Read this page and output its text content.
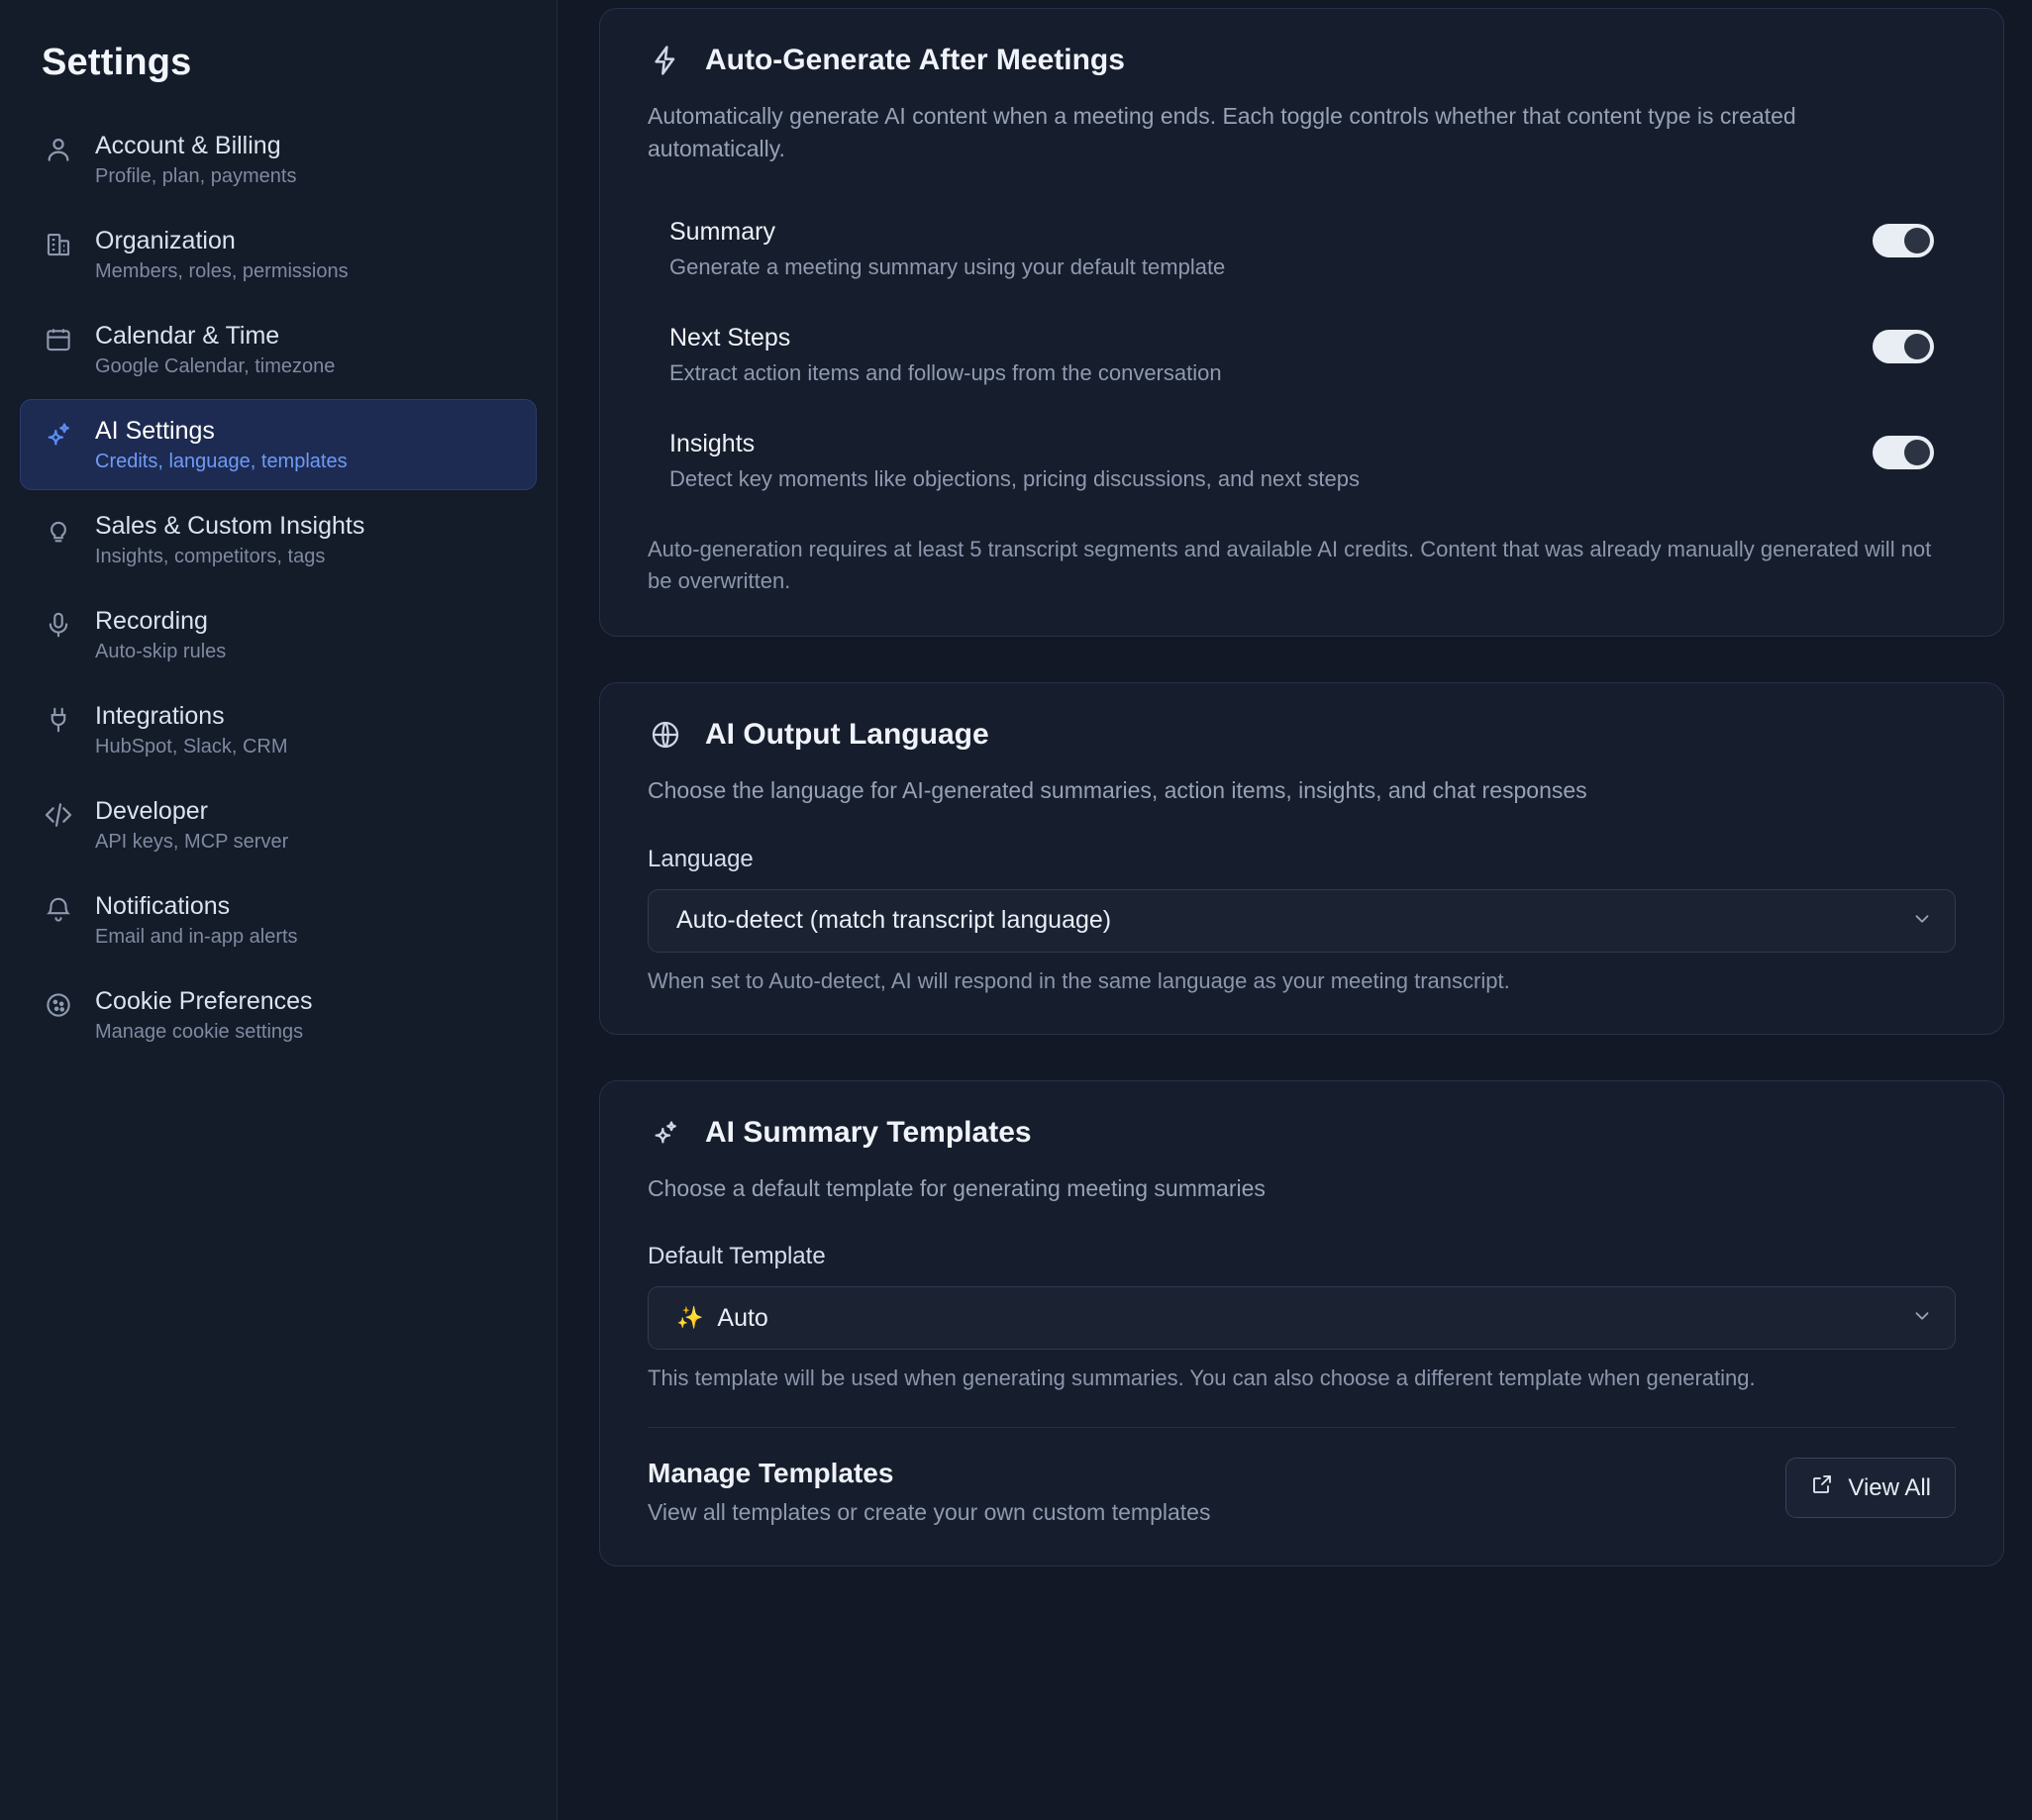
Settings
Account & Billing
Profile, plan, payments
Organization
Members, roles, permissions
Calendar & Time
Google Calendar, timezone
AI Settings
Credits, language, templates
Sales & Custom Insights
Insights, competitors, tags
Recording
Auto-skip rules
Integrations
HubSpot, Slack, CRM
Developer
API keys, MCP server
Notifications
Email and in-app alerts
Cookie Preferences
Manage cookie settings
Auto-Generate After Meetings

Automatically generate AI content when a meeting ends. Each toggle controls whether that content type is created automatically.

Summary
Generate a meeting summary using your default template
Next Steps
Extract action items and follow-ups from the conversation
Insights
Detect key moments like objections, pricing discussions, and next steps

Auto-generation requires at least 5 transcript segments and available AI credits. Content that was already manually generated will not be overwritten.

AI Output Language

Choose the language for AI-generated summaries, action items, insights, and chat responses

Language
Auto-detect (match transcript language)

When set to Auto-detect, AI will respond in the same language as your meeting transcript.

AI Summary Templates

Choose a default template for generating meeting summaries

Default Template
✨ Auto

This template will be used when generating summaries. You can also choose a different template when generating.

Manage Templates
View all templates or create your own custom templates
View All
